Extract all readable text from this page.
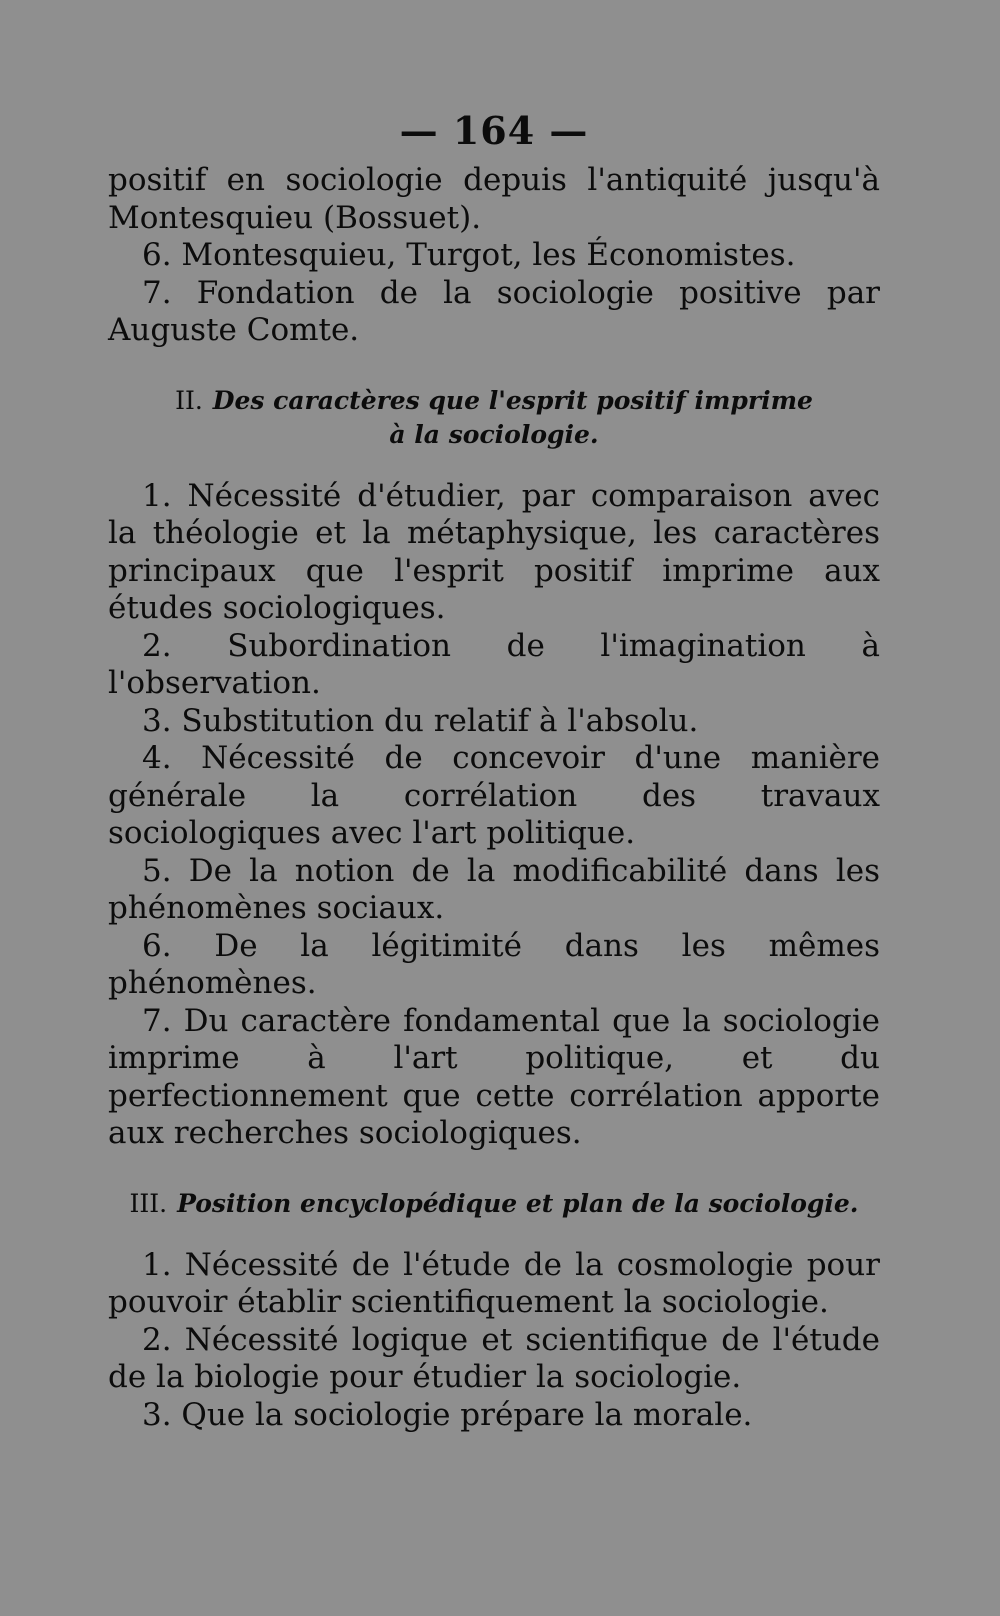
— 164 —

positif en sociologie depuis l'antiquité jusqu'à Montesquieu (Bossuet).

6. Montesquieu, Turgot, les Économistes.

7. Fondation de la sociologie positive par Auguste Comte.

II. Des caractères que l'esprit positif imprime
à la sociologie.

1. Nécessité d'étudier, par comparaison avec la théologie et la métaphysique, les caractères principaux que l'esprit positif imprime aux études sociologiques.

2. Subordination de l'imagination à l'observation.

3. Substitution du relatif à l'absolu.

4. Nécessité de concevoir d'une manière générale la corrélation des travaux sociologiques avec l'art politique.

5. De la notion de la modificabilité dans les phénomènes sociaux.

6. De la légitimité dans les mêmes phénomènes.

7. Du caractère fondamental que la sociologie imprime à l'art politique, et du perfectionnement que cette corrélation apporte aux recherches sociologiques.

III. Position encyclopédique et plan de la sociologie.

1. Nécessité de l'étude de la cosmologie pour pouvoir établir scientifiquement la sociologie.

2. Nécessité logique et scientifique de l'étude de la biologie pour étudier la sociologie.

3. Que la sociologie prépare la morale.
